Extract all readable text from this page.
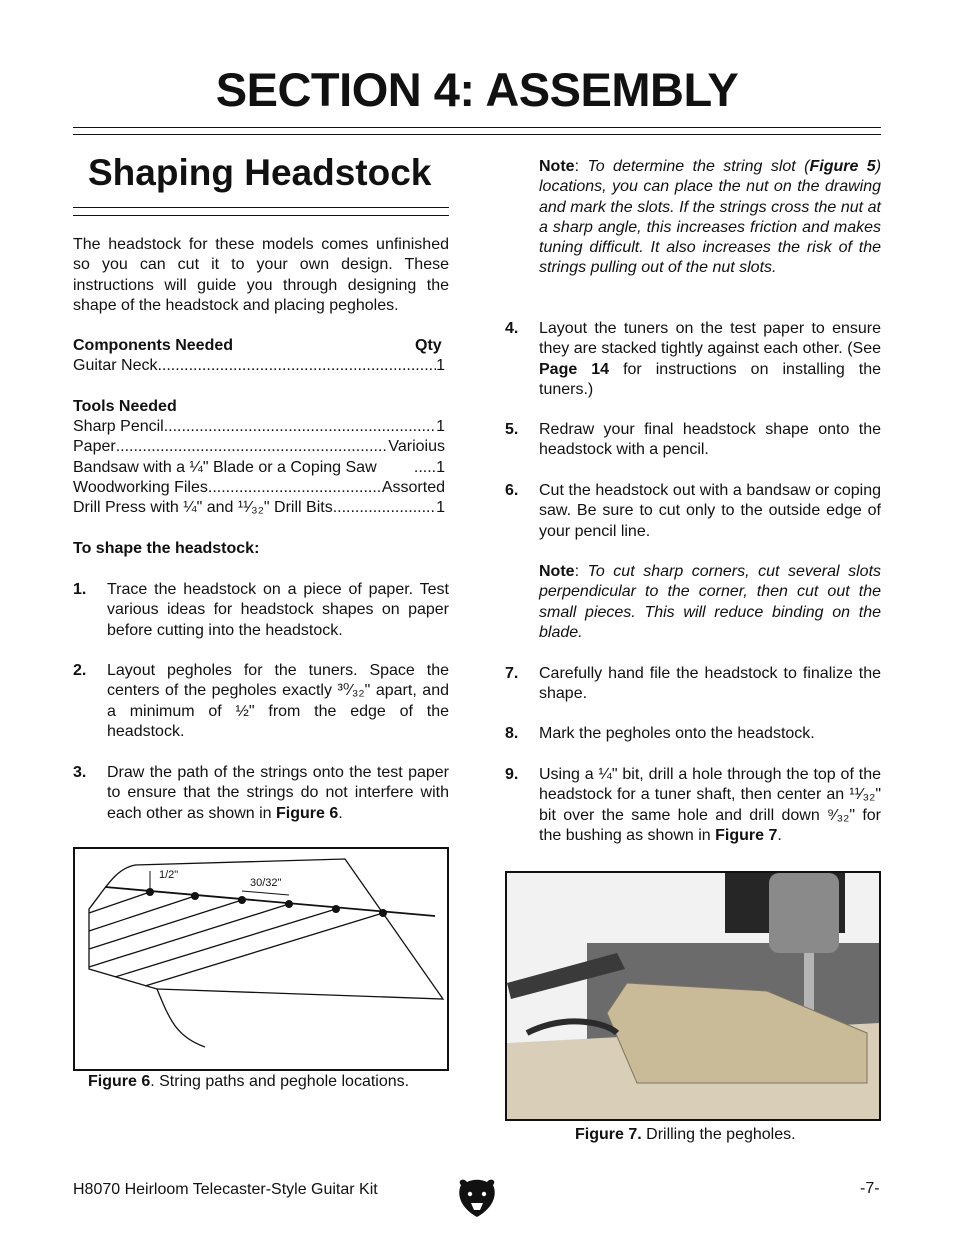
SECTION 4: ASSEMBLY
Shaping Headstock

The headstock for these models comes unfinished so you can cut it to your own design. These instructions will guide you through designing the shape of the headstock and placing pegholes.

Components Needed	Qty
Guitar Neck .....	1
Tools Needed
Sharp Pencil .....	1
Paper .....	Varioius
Bandsaw with a ¼" Blade or a Coping Saw .....1
Woodworking Files .....	Assorted
Drill Press with ¼" and ¹¹⁄₃₂" Drill Bits .....	1
To shape the headstock:
1. Trace the headstock on a piece of paper. Test various ideas for headstock shapes on paper before cutting into the headstock.
2. Layout pegholes for the tuners. Space the centers of the pegholes exactly ³⁰⁄₃₂" apart, and a minimum of ½" from the edge of the headstock.
3. Draw the path of the strings onto the test paper to ensure that the strings do not interfere with each other as shown in Figure 6.
1/2"
30/32"
Figure 6. String paths and peghole locations.
Note: To determine the string slot (Figure 5) locations, you can place the nut on the drawing and mark the slots. If the strings cross the nut at a sharp angle, this increases friction and makes tuning difficult. It also increases the risk of the strings pulling out of the nut slots.
4. Layout the tuners on the test paper to ensure they are stacked tightly against each other. (See Page 14 for instructions on installing the tuners.)
5. Redraw your final headstock shape onto the headstock with a pencil.
6. Cut the headstock out with a bandsaw or coping saw. Be sure to cut only to the outside edge of your pencil line.
Note: To cut sharp corners, cut several slots perpendicular to the corner, then cut out the small pieces. This will reduce binding on the blade.
7. Carefully hand file the headstock to finalize the shape.
8. Mark the pegholes onto the headstock.
9. Using a ¼" bit, drill a hole through the top of the headstock for a tuner shaft, then center an ¹¹⁄₃₂" bit over the same hole and drill down ⁹⁄₃₂" for the bushing as shown in Figure 7.
Figure 7. Drilling the pegholes.
H8070 Heirloom Telecaster-Style Guitar Kit	-7-
